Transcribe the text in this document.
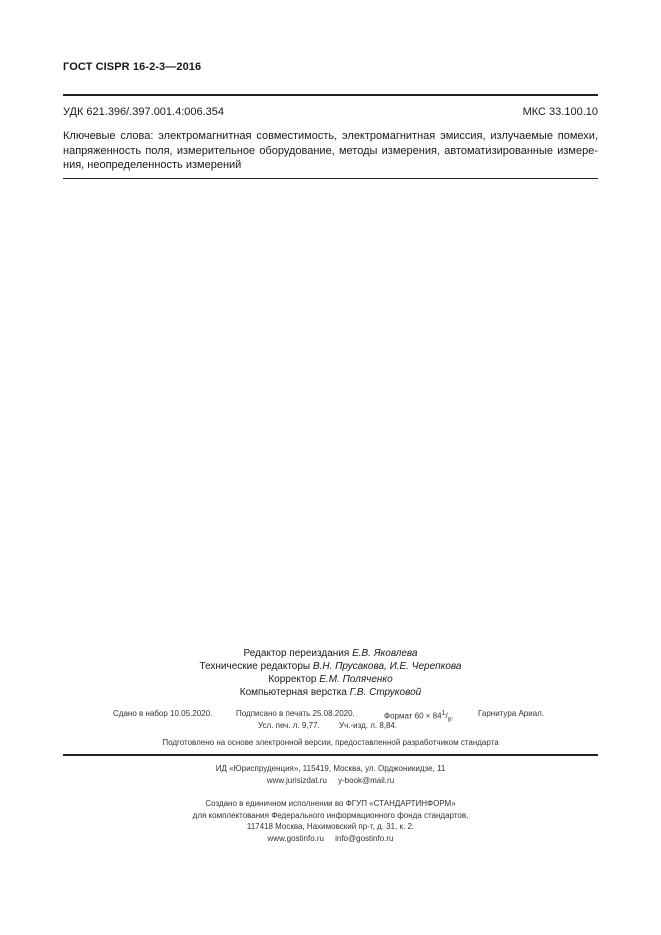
ГОСТ CISPR 16-2-3—2016
УДК 621.396/.397.001.4:006.354	МКС 33.100.10
Ключевые слова: электромагнитная совместимость, электромагнитная эмиссия, излучаемые помехи,
напряженность поля, измерительное оборудование, методы измерения, автоматизированные измере-
ния, неопределенность измерений
Редактор переиздания Е.В. Яковлева
Технические редакторы В.Н. Прусакова, И.Е. Черепкова
Корректор Е.М. Поляченко
Компьютерная верстка Г.В. Струковой
Сдано в набор 10.05.2020.	Подписано в печать 25.08.2020.	Формат $60 \times 84^1/_8$.	Гарнитура Ариал.
Усл. печ. л. 9,77. Уч.-изд. л. 8,84.
Подготовлено на основе электронной версии, предоставленной разработчиком стандарта
ИД «Юриспруденция», 115419, Москва, ул. Орджоникидзе, 11
www.jurisizdat.ru y-book@mail.ru
Создано в единичном исполнении во ФГУП «СТАНДАРТИНФОРМ»
для комплектования Федерального информационного фонда стандартов,
117418 Москва, Нахимовский пр-т, д. 31, к. 2.
www.gostinfo.ru info@gostinfo.ru
